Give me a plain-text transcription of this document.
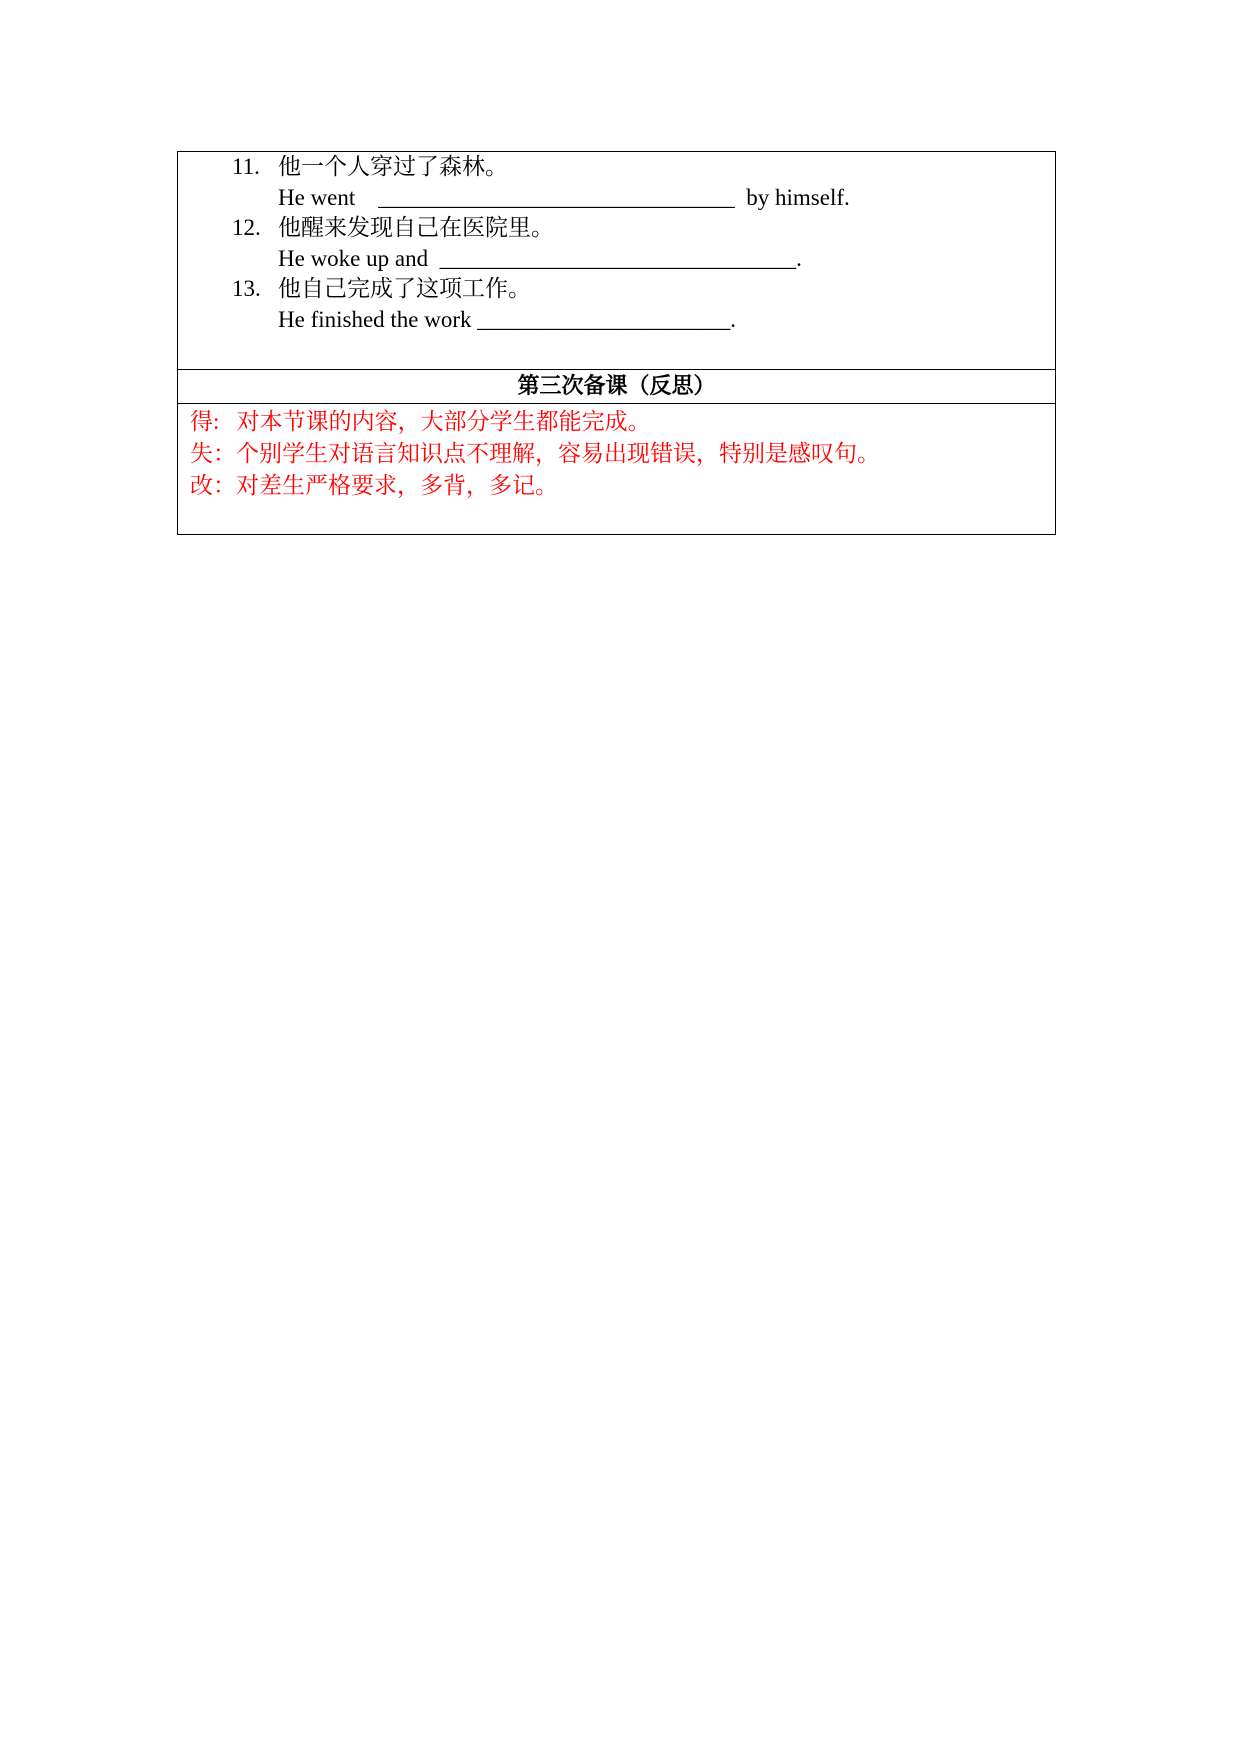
11. 他一个人穿过了森林。
He went    _______________________________  by himself.
12. 他醒来发现自己在医院里。
He woke up and  _______________________________.
13. 他自己完成了这项工作。
He finished the work ______________________.
第三次备课（反思）
得:   对本节课的内容，大部分学生都能完成。
失：个别学生对语言知识点不理解，容易出现错误，特别是感叹句。
改：对差生严格要求，多背，多记。
